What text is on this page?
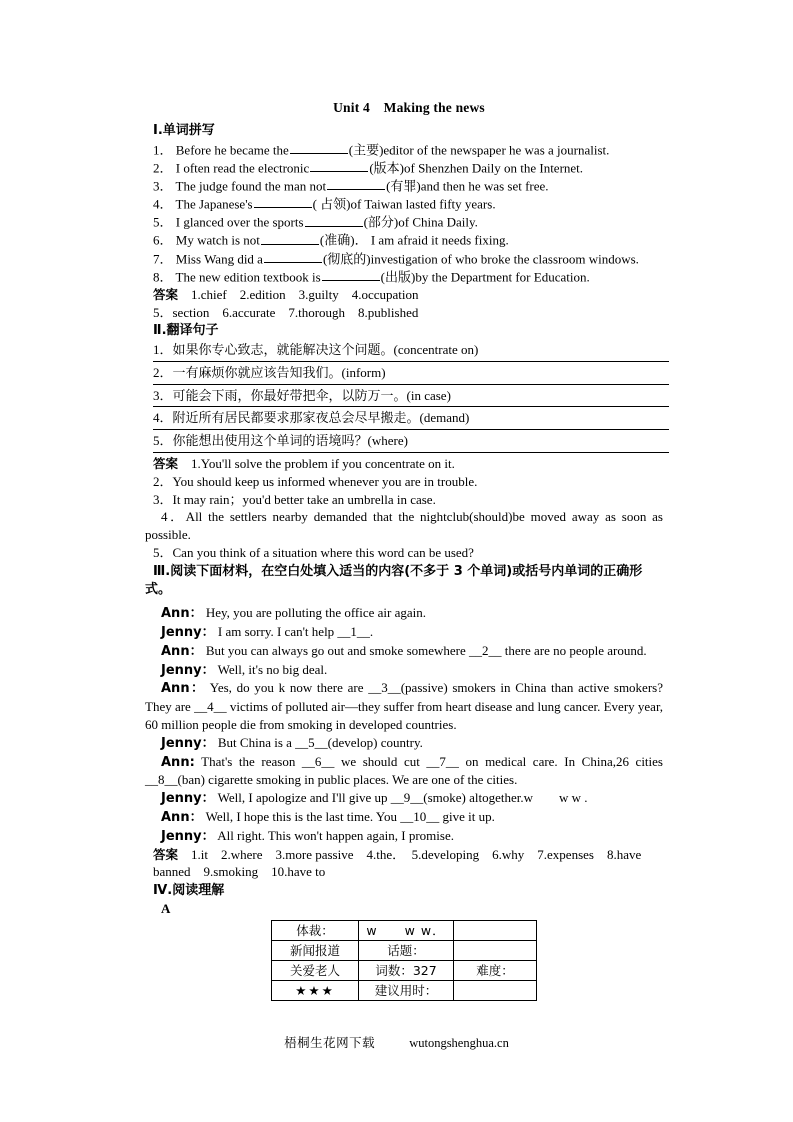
Unit 4　Making the news
Ⅰ.单词拼写
1． Before he became the	(主要)editor of the newspaper he was a journalist.
2． I often read the electronic	(版本)of Shenzhen Daily on the Internet.
3． The judge found the man not	(有罪)and then he was set free.
4． The Japanese's	( 占领)of Taiwan lasted fifty years.
5． I glanced over the sports	(部分)of China Daily.
6． My watch is not	(准确)． I am afraid it needs fixing.
7． Miss Wang did a	(彻底的)investigation of who broke the classroom windows.
8． The new edition textbook is	(出版)by the Department for Education.
答案　 1.chief　2.edition　3.guilty　4.occupation
5．section　6.accurate　7.thorough　8.published
Ⅱ.翻译句子
1．如果你专心致志，就能解决这个问题。(concentrate on)
2．一有麻烦你就应该告知我们。(inform)
3．可能会下雨，你最好带把伞，以防万一。(in case)
4．附近所有居民都要求那家夜总会尽早搬走。(demand)
5．你能想出使用这个单词的语境吗？(where)
答案　 1.You'll solve the problem if you concentrate on it.
2．You should keep us informed whenever you are in trouble.
3．It may rain；you'd better take an umbrella in case.
4．All the settlers nearby demanded that the nightclub(should)be moved away as soon as possible.
5．Can you think of a situation where this word can be used?
Ⅲ.阅读下面材料，在空白处填入适当的内容(不多于 3 个单词)或括号内单词的正确形式。
Ann： Hey, you are polluting the office air again.
Jenny： I am sorry. I can't help __1__.
Ann： But you can always go out and smoke somewhere __2__ there are no people around.
Jenny： Well, it's no big deal.
Ann： Yes, do you k now there are __3__(passive) smokers in China than active smokers? They are __4__ victims of polluted air—they suffer from heart disease and lung cancer. Every year, 60 million people die from smoking in developed countries.
Jenny： But China is a __5__(develop) country.
Ann: That's the reason __6__ we should cut __7__ on medical care. In China,26 cities __8__(ban) cigarette smoking in public places. We are one of the cities.
Jenny： Well, I apologize and I'll give up __9__(smoke) altogether.w　　w w .
Ann： Well, I hope this is the last time. You __10__ give it up.
Jenny： All right. This won't happen again, I promise.
答案　 1.it　2.where　3.more passive　4.the．　5.developing　6.why　7.expenses　8.have
banned　9.smoking　10.have to
Ⅳ.阅读理解
A
体裁：	w　　w w．	
新闻报道	话题：	
关爱老人	词数：327	难度：
★★★	建议用时：	
梧桐生花网下载	wutongshenghua.cn
